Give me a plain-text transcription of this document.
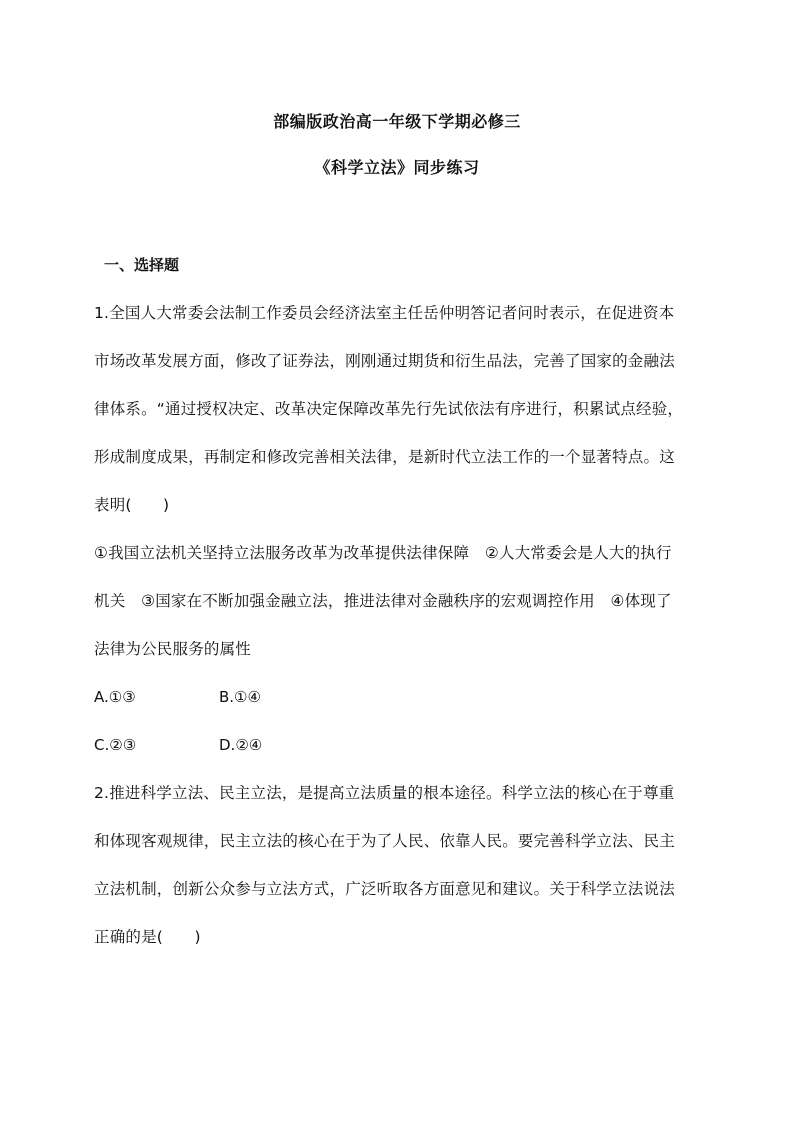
部编版政治高一年级下学期必修三
《科学立法》同步练习
一、选择题
1.全国人大常委会法制工作委员会经济法室主任岳仲明答记者问时表示，在促进资本
市场改革发展方面，修改了证券法，刚刚通过期货和衍生品法，完善了国家的金融法
律体系。“通过授权决定、改革决定保障改革先行先试依法有序进行，积累试点经验，
形成制度成果，再制定和修改完善相关法律，是新时代立法工作的一个显著特点。这
表明(　　)
①我国立法机关坚持立法服务改革为改革提供法律保障　②人大常委会是人大的执行
机关　③国家在不断加强金融立法，推进法律对金融秩序的宏观调控作用　④体现了
法律为公民服务的属性
A.①③	B.①④
C.②③	D.②④
2.推进科学立法、民主立法，是提高立法质量的根本途径。科学立法的核心在于尊重
和体现客观规律，民主立法的核心在于为了人民、依靠人民。要完善科学立法、民主
立法机制，创新公众参与立法方式，广泛听取各方面意见和建议。关于科学立法说法
正确的是(　　)
